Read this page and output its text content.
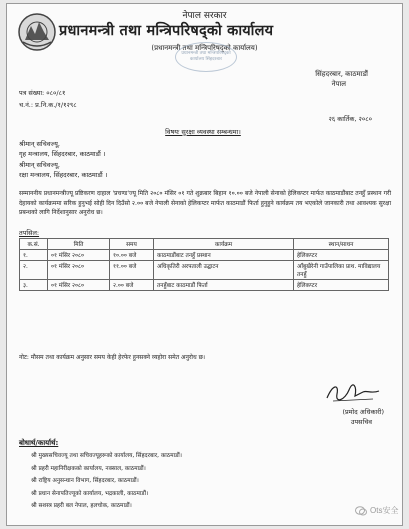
नेपाल सरकार
प्रधानमन्त्री तथा मन्त्रिपरिषद्‍को कार्यालय
(प्रधानमन्त्री तथा मन्त्रिपरिषद्‍को कार्यालय)
प्रधानमन्त्री तथा मन्त्रिपरिषद्को कार्यालय सिंहदरबार
सिंहदरबार, काठमाडौं
नेपाल
पत्र संख्या: ०८०/८१
च.नं.: प्र.नि.क./१/१२९८
२६ कार्तिक, २०८०
विषयः सुरक्षा व्यवस्था सम्बन्धमा।
श्रीमान् सचिवज्यू,
गृह मन्त्रालय, सिंहदरबार, काठमाडौं ।
श्रीमान् सचिवज्यू,
रक्षा मन्त्रालय, सिंहदरबार, काठमाडौं ।
सम्माननीय प्रधानमन्त्रीज्यू प्रष्टिकरण दाहाल 'प्रचण्ड'ज्यू मिति २०८० मंसिर ०१ गते शुक्रबार बिहान १०.०० बजे नेपाली सेनाको हेलिकप्टर मार्फत काठमाडौंबाट तनहुँ प्रस्थान गरी देहायको कार्यक्रममा सरिक हुनुभई सोही दिन दिउँसो २.०० बजे नेपाली सेनाको हेलिकप्टर मार्फत काठमाडौं फिर्ता हुनुहुने कार्यक्रम तय भएकोले जानकारी तथा आवश्यक सुरक्षा प्रबन्धको लागि निर्देशानुसार अनुरोध छ।
तपसिल:
क.सं.	मिति	समय	कार्यक्रम	स्थान/साधन
१.	०१ मंसिर २०८०	१०.०० बजे	काठमाडौंबाट तनहुँ प्रस्थान	हेलिकप्टर
२.	०१ मंसिर २०८०	११.०० बजे	अधिकृतिरी अरपताली उद्घाटन	आँबुखैरेनी गाउँपालिका प्राथ. माविद्यालय तनहुँ
३.	०१ मंसिर २०८०	२.०० बजे	तनहुँबाट काठमाडौं फिर्ता	हेलिकप्टर
नोट: मौसम तथा कार्यक्रम अनुसार समय केही हेरफेर हुनसक्ने व्यहोरा समेत अनुरोध छ।
(प्रमोद अधिकारी)
उपसचिव
बोधार्थ/कार्यार्थ:
श्री मुख्यसचिवज्यू तथा सचिवज्यूहरूको कार्यालय, सिंहदरबार, काठमाडौं।
श्री प्रहरी महानिरीक्षकको कार्यालय, नक्साल, काठमाडौं।
श्री राष्ट्रिय अनुसन्धान विभाग, सिंहदरबार, काठमाडौं।
श्री प्रधान सेनापतिज्यूको कार्यालय, भद्रकाली, काठमाडौं।
श्री सशस्त्र प्रहरी बल नेपाल, हलचोक, काठमाडौं।	Ots安全
